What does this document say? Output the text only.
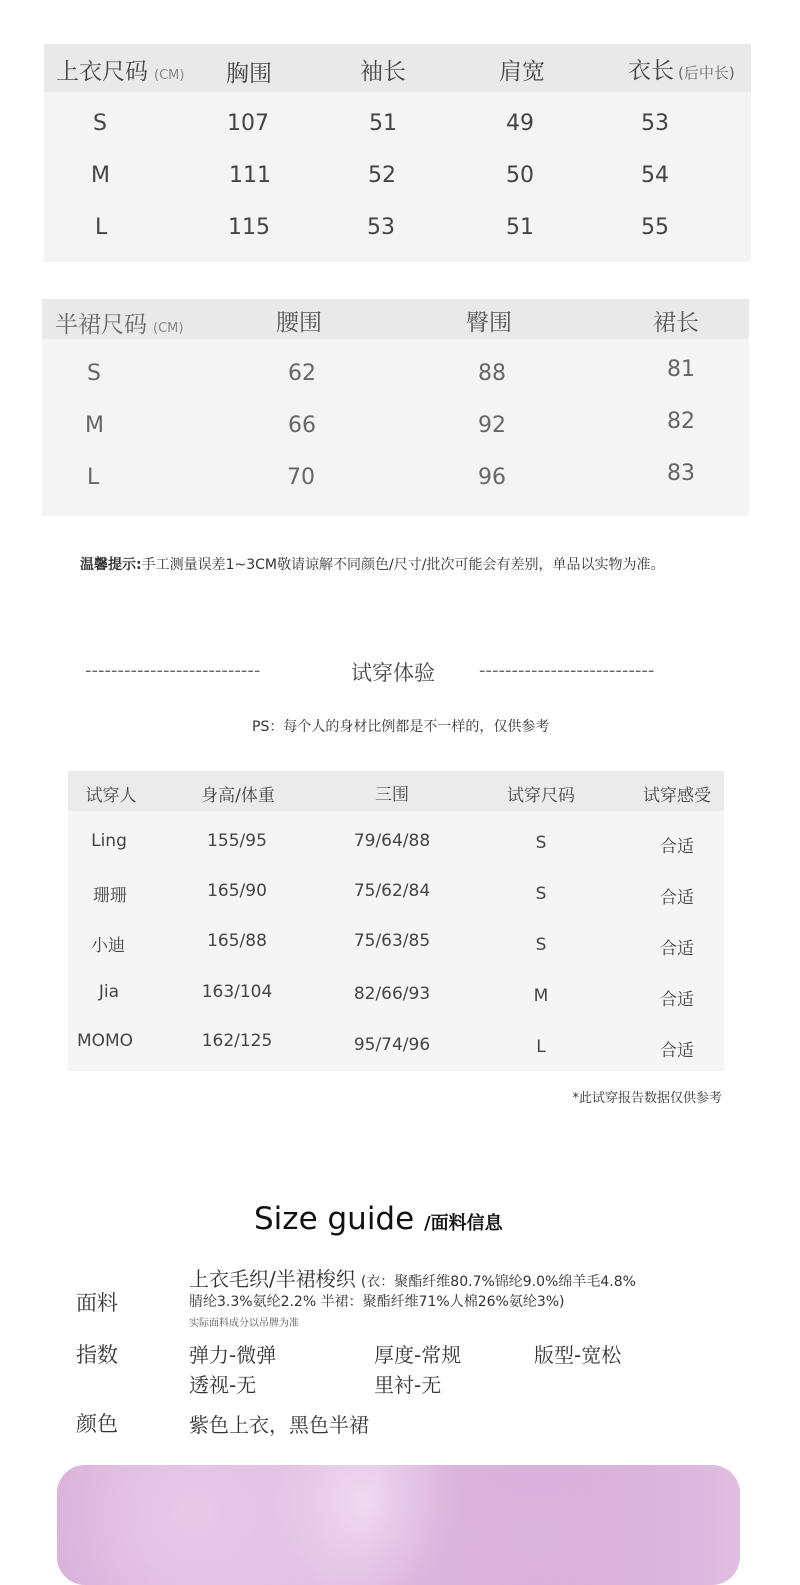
上衣尺码 (CM) 胸围	袖长	肩宽	衣长 (后中长)
S	107	51	49	53
M	111	52	50	54
L	115	53	51	55
半裙尺码 (CM)	腰围	臀围	裙长
S	62	88	81
M	66	92	82
L	70	96	83
温馨提示:手工测量误差1~3CM敬请谅解不同颜色/尺寸/批次可能会有差别，单品以实物为准。
---------------------------	试穿体验 ---------------------------
PS：每个人的身材比例都是不一样的，仅供参考
试穿人	身高/体重	三围	试穿尺码	试穿感受
Ling	155/95	79/64/88	S	合适
珊珊	165/90	75/62/84	S	合适
小迪	165/88	75/63/85	S	合适
Jia	163/104	82/66/93	M	合适
MOMO	162/125	95/74/96	L	合适
*此试穿报告数据仅供参考
Size guide /面料信息
面料
上衣毛织/半裙梭织 (衣：聚酯纤维80.7%锦纶9.0%绵羊毛4.8%
腈纶3.3%氨纶2.2% 半裙：聚酯纤维71%人棉26%氨纶3%)
实际面料成分以吊牌为准
指数	弹力-微弹	厚度-常规	版型-宽松
透视-无	里衬-无
颜色	紫色上衣，黑色半裙
